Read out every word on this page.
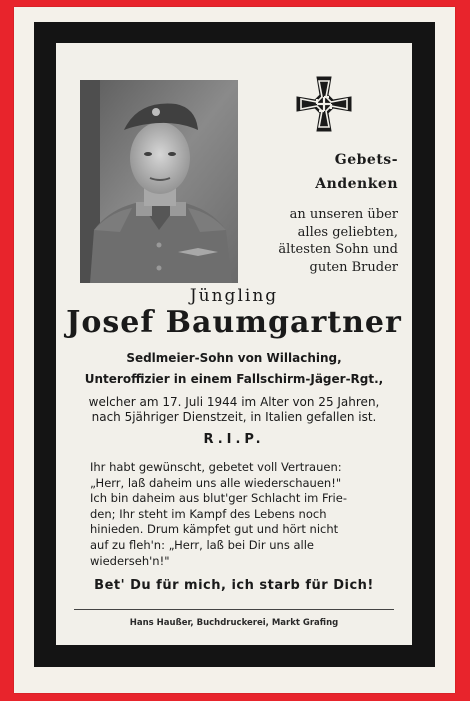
1939
Gebets-
Andenken
an unseren über
alles geliebten,
ältesten Sohn und
guten Bruder
Jüngling
Josef Baumgartner
Sedlmeier-Sohn von Willaching,
Unteroffizier in einem Fallschirm-Jäger-Rgt.,
welcher am 17. Juli 1944 im Alter von 25 Jahren,
nach 5jähriger Dienstzeit, in Italien gefallen ist.
R.I.P.
Ihr habt gewünscht, gebetet voll Vertrauen:
„Herr, laß daheim uns alle wiederschauen!"
Ich bin daheim aus blut'ger Schlacht im Frie-
den; Ihr steht im Kampf des Lebens noch
hinieden. Drum kämpfet gut und hört nicht
auf zu fleh'n: „Herr, laß bei Dir uns alle
wiederseh'n!"
Bet' Du für mich, ich starb für Dich!
Hans Haußer, Buchdruckerei, Markt Grafing
